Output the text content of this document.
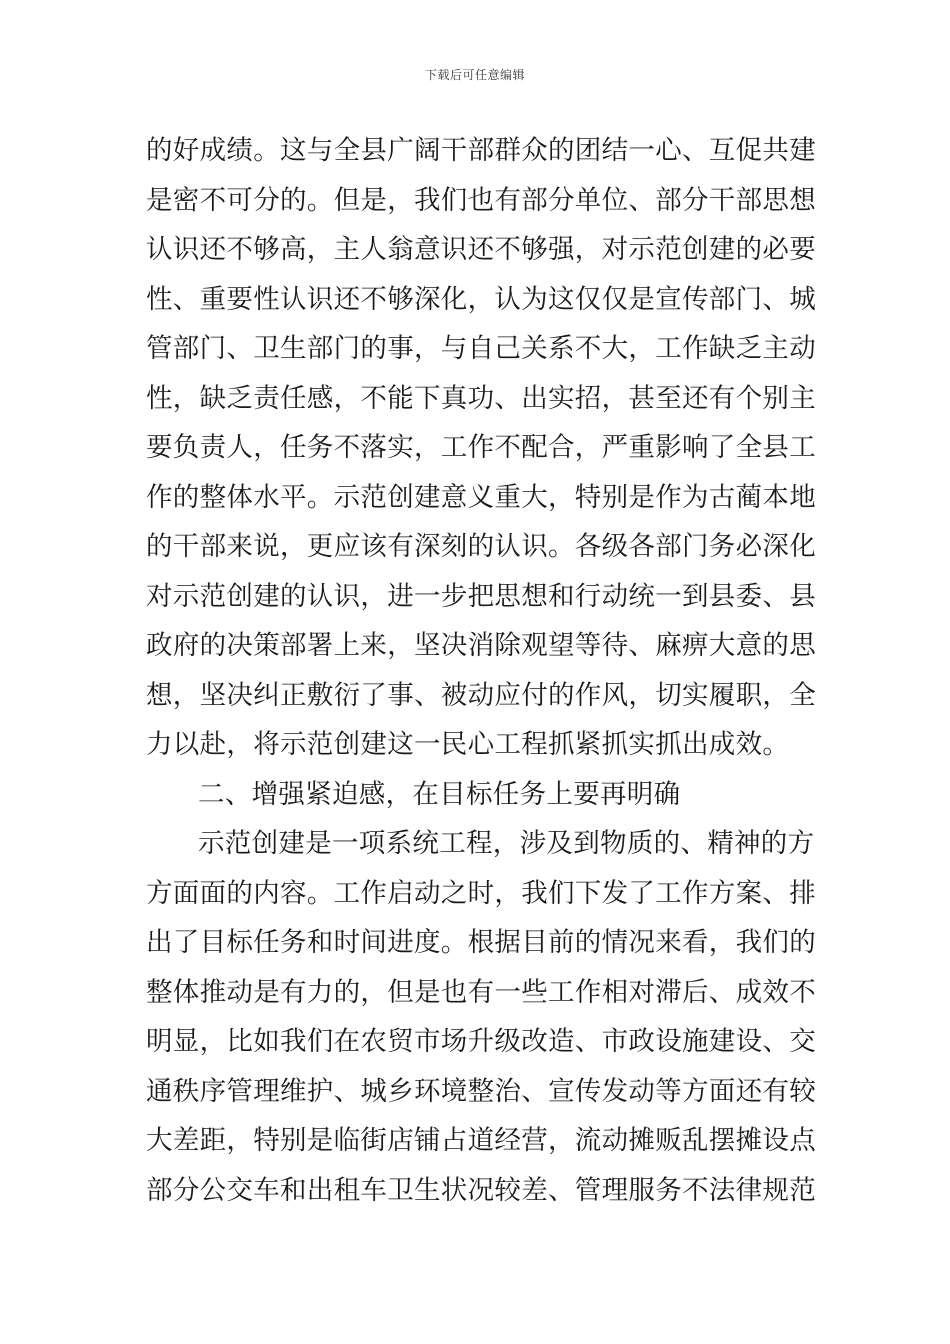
下载后可任意编辑
的好成绩。这与全县广阔干部群众的团结一心、互促共建
是密不可分的。但是，我们也有部分单位、部分干部思想
认识还不够高，主人翁意识还不够强，对示范创建的必要
性、重要性认识还不够深化，认为这仅仅是宣传部门、城
管部门、卫生部门的事，与自己关系不大，工作缺乏主动
性，缺乏责任感，不能下真功、出实招，甚至还有个别主
要负责人，任务不落实，工作不配合，严重影响了全县工
作的整体水平。示范创建意义重大，特别是作为古蔺本地
的干部来说，更应该有深刻的认识。各级各部门务必深化
对示范创建的认识，进一步把思想和行动统一到县委、县
政府的决策部署上来，坚决消除观望等待、麻痹大意的思
想，坚决纠正敷衍了事、被动应付的作风，切实履职，全
力以赴，将示范创建这一民心工程抓紧抓实抓出成效。
二、增强紧迫感，在目标任务上要再明确
示范创建是一项系统工程，涉及到物质的、精神的方
方面面的内容。工作启动之时，我们下发了工作方案、排
出了目标任务和时间进度。根据目前的情况来看，我们的
整体推动是有力的，但是也有一些工作相对滞后、成效不
明显，比如我们在农贸市场升级改造、市政设施建设、交
通秩序管理维护、城乡环境整治、宣传发动等方面还有较
大差距，特别是临街店铺占道经营，流动摊贩乱摆摊设点
部分公交车和出租车卫生状况较差、管理服务不法律规范
